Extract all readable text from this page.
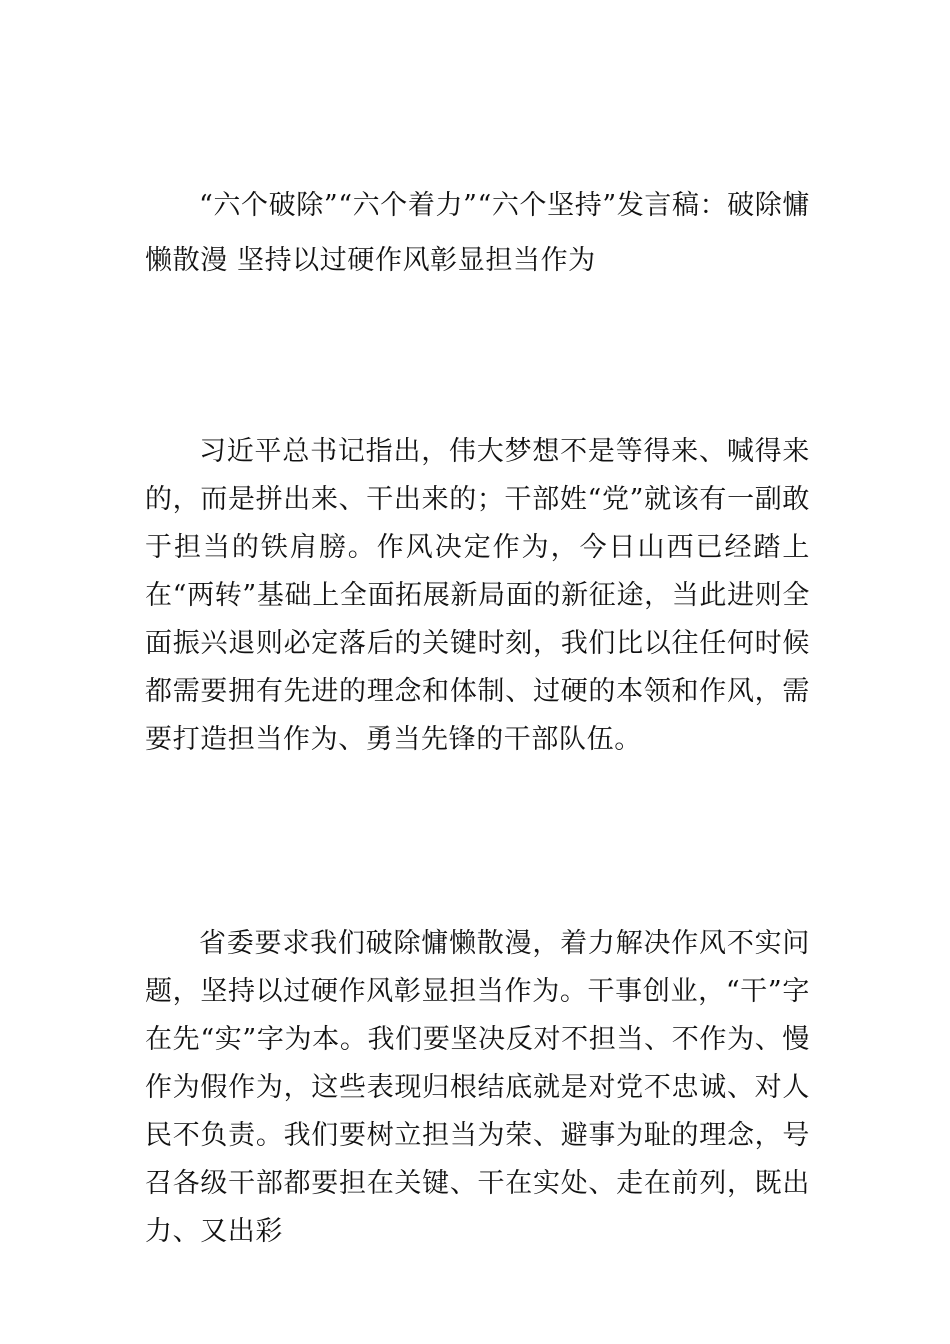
“六个破除”“六个着力”“六个坚持”发言稿：破除慵懒散漫 坚持以过硬作风彰显担当作为

习近平总书记指出，伟大梦想不是等得来、喊得来的，而是拼出来、干出来的；干部姓“党”就该有一副敢于担当的铁肩膀。作风决定作为，今日山西已经踏上在“两转”基础上全面拓展新局面的新征途，当此进则全面振兴退则必定落后的关键时刻，我们比以往任何时候都需要拥有先进的理念和体制、过硬的本领和作风，需要打造担当作为、勇当先锋的干部队伍。

省委要求我们破除慵懒散漫，着力解决作风不实问题，坚持以过硬作风彰显担当作为。干事创业，“干”字在先“实”字为本。我们要坚决反对不担当、不作为、慢作为假作为，这些表现归根结底就是对党不忠诚、对人民不负责。我们要树立担当为荣、避事为耻的理念，号召各级干部都要担在关键、干在实处、走在前列，既出力、又出彩
